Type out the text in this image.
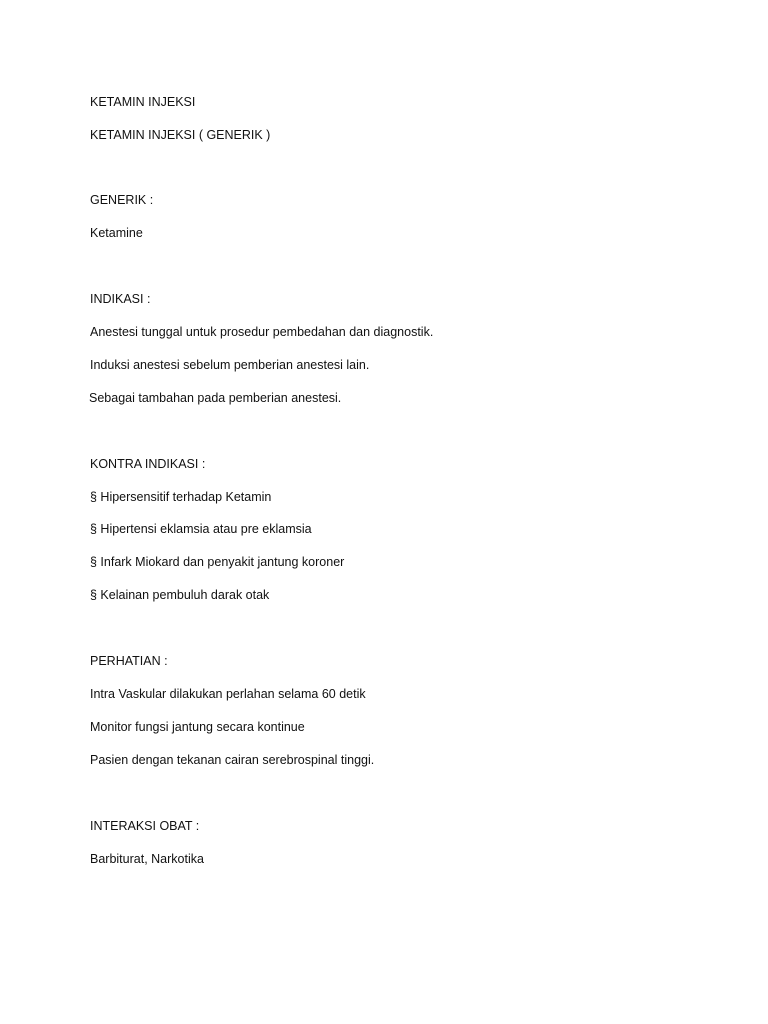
KETAMIN INJEKSI

KETAMIN INJEKSI ( GENERIK )

GENERIK :

Ketamine

INDIKASI :

Anestesi tunggal untuk prosedur pembedahan dan diagnostik.

Induksi anestesi sebelum pemberian anestesi lain.

Sebagai tambahan pada pemberian anestesi.

KONTRA INDIKASI :

§ Hipersensitif terhadap Ketamin

§ Hipertensi eklamsia atau pre eklamsia

§ Infark Miokard dan penyakit jantung koroner

§ Kelainan pembuluh darak otak

PERHATIAN :

Intra Vaskular dilakukan perlahan selama 60 detik

Monitor fungsi jantung secara kontinue

Pasien dengan tekanan cairan serebrospinal tinggi.

INTERAKSI OBAT :

Barbiturat, Narkotika
